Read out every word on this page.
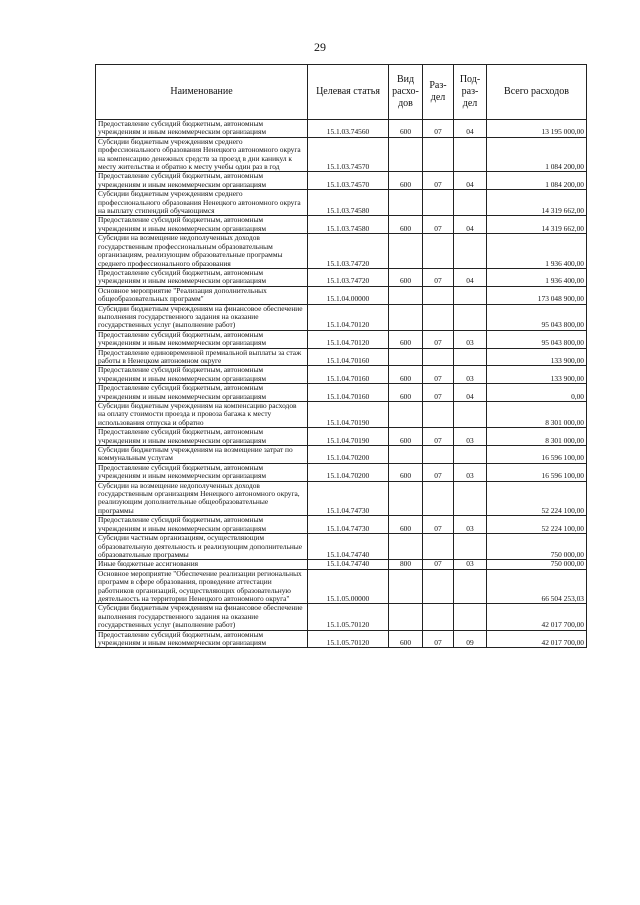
29
Наименование	Целевая статья	Вид расхо-дов	Раз-дел	Под-раз-дел	Всего расходов
Предоставление субсидий бюджетным, автономным учреждениям и иным некоммерческим организациям	15.1.03.74560	600	07	04	13 195 000,00
Субсидии бюджетным учреждениям среднего профессионального образования Ненецкого автономного округа на компенсацию денежных средств за проезд в дни каникул к месту жительства и обратно к месту учебы один раз в год	15.1.03.74570				1 084 200,00
Предоставление субсидий бюджетным, автономным учреждениям и иным некоммерческим организациям	15.1.03.74570	600	07	04	1 084 200,00
Субсидии бюджетным учреждениям среднего профессионального образования Ненецкого автономного округа на выплату стипендий обучающимся	15.1.03.74580				14 319 662,00
Предоставление субсидий бюджетным, автономным учреждениям и иным некоммерческим организациям	15.1.03.74580	600	07	04	14 319 662,00
Субсидии на возмещение недополученных доходов государственным профессиональным образовательным организациям, реализующим образовательные программы среднего профессионального образования	15.1.03.74720				1 936 400,00
Предоставление субсидий бюджетным, автономным учреждениям и иным некоммерческим организациям	15.1.03.74720	600	07	04	1 936 400,00
Основное мероприятие "Реализация дополнительных общеобразовательных программ"	15.1.04.00000				173 048 900,00
Субсидии бюджетным учреждениям на финансовое обеспечение выполнения государственного задания на оказание государственных услуг (выполнение работ)	15.1.04.70120				95 043 800,00
Предоставление субсидий бюджетным, автономным учреждениям и иным некоммерческим организациям	15.1.04.70120	600	07	03	95 043 800,00
Предоставление единовременной премиальной выплаты за стаж работы в Ненецком автономном округе	15.1.04.70160				133 900,00
Предоставление субсидий бюджетным, автономным учреждениям и иным некоммерческим организациям	15.1.04.70160	600	07	03	133 900,00
Предоставление субсидий бюджетным, автономным учреждениям и иным некоммерческим организациям	15.1.04.70160	600	07	04	0,00
Субсидии бюджетным учреждениям на компенсацию расходов на оплату стоимости проезда и провоза багажа к месту использования отпуска и обратно	15.1.04.70190				8 301 000,00
Предоставление субсидий бюджетным, автономным учреждениям и иным некоммерческим организациям	15.1.04.70190	600	07	03	8 301 000,00
Субсидии бюджетным учреждениям на возмещение затрат по коммунальным услугам	15.1.04.70200				16 596 100,00
Предоставление субсидий бюджетным, автономным учреждениям и иным некоммерческим организациям	15.1.04.70200	600	07	03	16 596 100,00
Субсидии на возмещение недополученных доходов государственным организациям Ненецкого автономного округа, реализующим дополнительные общеобразовательные программы	15.1.04.74730				52 224 100,00
Предоставление субсидий бюджетным, автономным учреждениям и иным некоммерческим организациям	15.1.04.74730	600	07	03	52 224 100,00
Субсидии частным организациям, осуществляющим образовательную деятельность и реализующим дополнительные образовательные программы	15.1.04.74740				750 000,00
Иные бюджетные ассигнования	15.1.04.74740	800	07	03	750 000,00
Основное мероприятие "Обеспечение реализации региональных программ в сфере образования, проведение аттестации работников организаций, осуществляющих образовательную деятельность на территории Ненецкого автономного округа"	15.1.05.00000				66 504 253,03
Субсидии бюджетным учреждениям на финансовое обеспечение выполнения государственного задания на оказание государственных услуг (выполнение работ)	15.1.05.70120				42 017 700,00
Предоставление субсидий бюджетным, автономным учреждениям и иным некоммерческим организациям	15.1.05.70120	600	07	09	42 017 700,00
